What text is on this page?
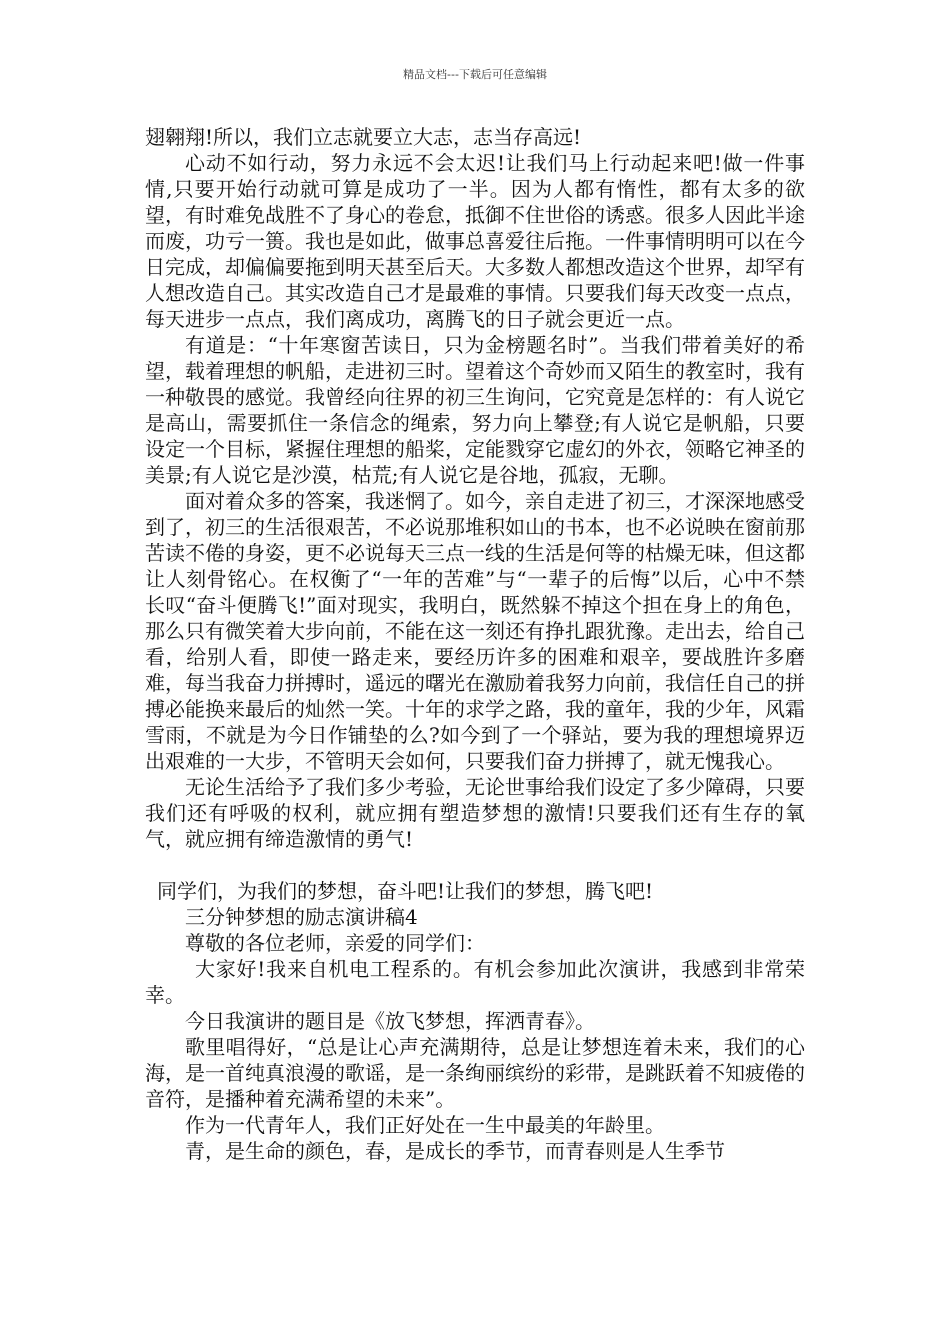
精品文档---下载后可任意编辑

翅翱翔!所以，我们立志就要立大志，志当存高远!

心动不如行动，努力永远不会太迟!让我们马上行动起来吧!做一件事情,只要开始行动就可算是成功了一半。因为人都有惰性，都有太多的欲望，有时难免战胜不了身心的卷怠，抵御不住世俗的诱惑。很多人因此半途而废，功亏一篑。我也是如此，做事总喜爱往后拖。一件事情明明可以在今日完成，却偏偏要拖到明天甚至后天。大多数人都想改造这个世界，却罕有人想改造自己。其实改造自己才是最难的事情。只要我们每天改变一点点，每天进步一点点，我们离成功，离腾飞的日子就会更近一点。

有道是：“十年寒窗苦读日，只为金榜题名时”。当我们带着美好的希望，载着理想的帆船，走进初三时。望着这个奇妙而又陌生的教室时，我有一种敬畏的感觉。我曾经向往界的初三生询问，它究竟是怎样的：有人说它是高山，需要抓住一条信念的绳索，努力向上攀登;有人说它是帆船，只要设定一个目标，紧握住理想的船桨，定能戮穿它虚幻的外衣，领略它神圣的美景;有人说它是沙漠，枯荒;有人说它是谷地，孤寂，无聊。

面对着众多的答案，我迷惘了。如今，亲自走进了初三，才深深地感受到了，初三的生活很艰苦，不必说那堆积如山的书本，也不必说映在窗前那苦读不倦的身姿，更不必说每天三点一线的生活是何等的枯燥无味，但这都让人刻骨铭心。在权衡了“一年的苦难”与“一辈子的后悔”以后，心中不禁长叹“奋斗便腾飞!”面对现实，我明白，既然躲不掉这个担在身上的角色，那么只有微笑着大步向前，不能在这一刻还有挣扎跟犹豫。走出去，给自己看，给别人看，即使一路走来，要经历许多的困难和艰辛，要战胜许多磨难，每当我奋力拼搏时，遥远的曙光在激励着我努力向前，我信任自己的拼搏必能换来最后的灿然一笑。十年的求学之路，我的童年，我的少年，风霜雪雨，不就是为今日作铺垫的么?如今到了一个驿站，要为我的理想境界迈出艰难的一大步，不管明天会如何，只要我们奋力拼搏了，就无愧我心。

无论生活给予了我们多少考验，无论世事给我们设定了多少障碍，只要我们还有呼吸的权利，就应拥有塑造梦想的激情!只要我们还有生存的氧气，就应拥有缔造激情的勇气!

同学们，为我们的梦想，奋斗吧!让我们的梦想，腾飞吧!

三分钟梦想的励志演讲稿4

尊敬的各位老师，亲爱的同学们：

大家好!我来自机电工程系的。有机会参加此次演讲，我感到非常荣幸。

今日我演讲的题目是《放飞梦想，挥洒青春》。

歌里唱得好，“总是让心声充满期待，总是让梦想连着未来，我们的心海，是一首纯真浪漫的歌谣，是一条绚丽缤纷的彩带，是跳跃着不知疲倦的音符，是播种着充满希望的未来”。

作为一代青年人，我们正好处在一生中最美的年龄里。

青，是生命的颜色，春，是成长的季节，而青春则是人生季节
